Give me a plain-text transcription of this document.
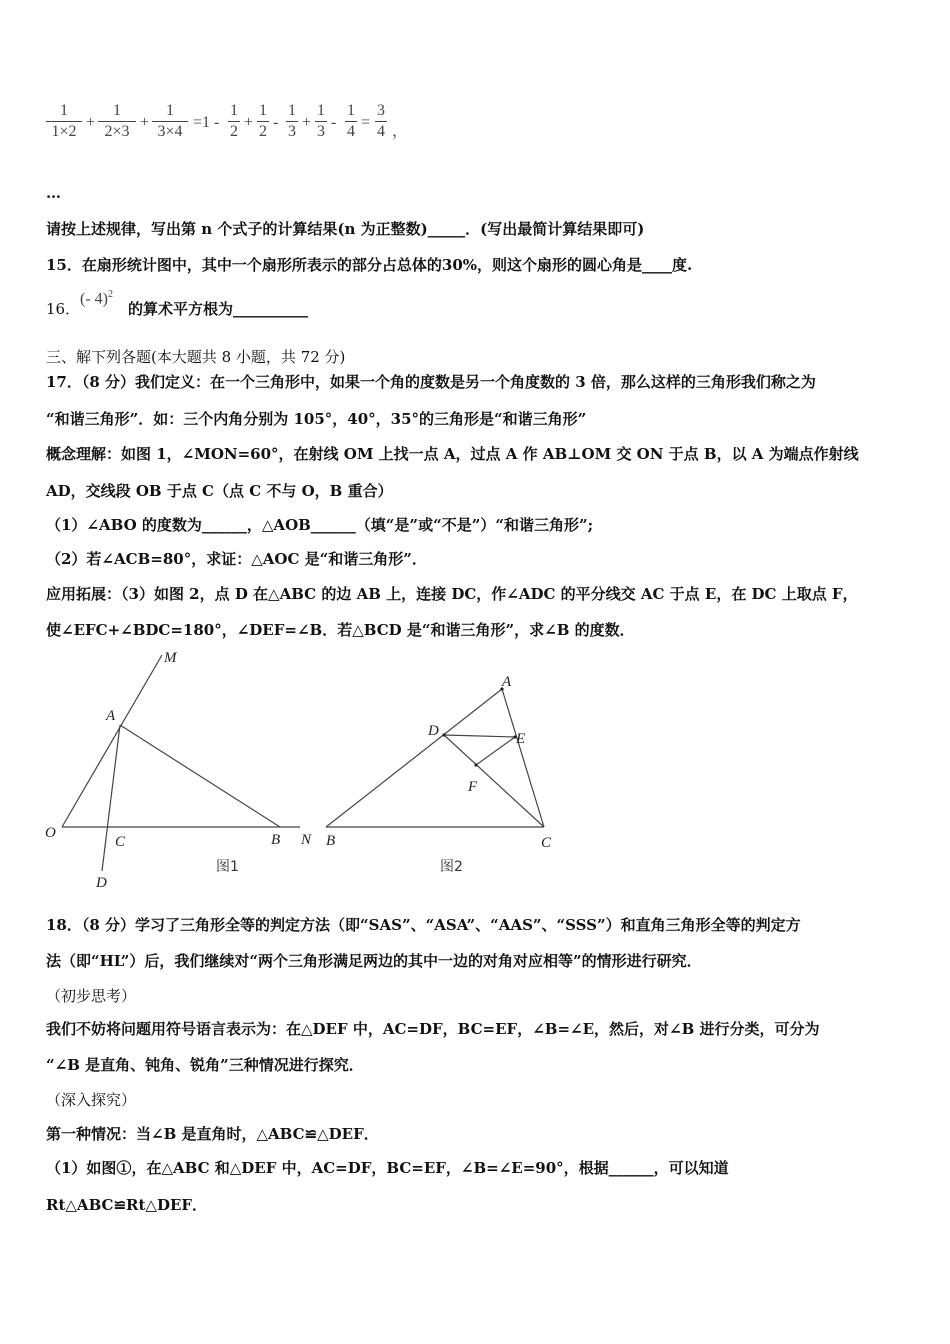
1
1×2
+
1
2×3
+
1
3×4
=1 -
1
2
+
1
2
-
1
3
+
1
3
-
1
4
=
3
4 ，
…
请按上述规律，写出第 n 个式子的计算结果(n 为正整数)_____．(写出最简计算结果即可)
15．在扇形统计图中，其中一个扇形所表示的部分占总体的30%，则这个扇形的圆心角是____度.
16．
(- 4)$^2$
的算术平方根为__________
三、解下列各题(本大题共 8 小题，共 72 分)
17．（8 分）我们定义：在一个三角形中，如果一个角的度数是另一个角度数的 3 倍，那么这样的三角形我们称之为
“和谐三角形”．如：三个内角分别为 105°，40°，35°的三角形是“和谐三角形”
概念理解：如图 1，∠MON=60°，在射线 OM 上找一点 A，过点 A 作 AB⊥OM 交 ON 于点 B，以 A 为端点作射线
AD，交线段 OB 于点 C（点 C 不与 O，B 重合）
（1）∠ABO 的度数为______，△AOB______（填“是”或“不是”）“和谐三角形”;
（2）若∠ACB=80°，求证：△AOC 是“和谐三角形”．
应用拓展：（3）如图 2，点 D 在△ABC 的边 AB 上，连接 DC，作∠ADC 的平分线交 AC 于点 E，在 DC 上取点 F，
使∠EFC+∠BDC=180°，∠DEF=∠B．若△BCD 是“和谐三角形”，求∠B 的度数．
M
A
O
C	B N
D
图1
A
D	E
F
B	C
图2
18．（8 分）学习了三角形全等的判定方法（即“SAS”、“ASA”、“AAS”、“SSS”）和直角三角形全等的判定方
法（即“HL”）后，我们继续对“两个三角形满足两边的其中一边的对角对应相等”的情形进行研究．
（初步思考）
我们不妨将问题用符号语言表示为：在△DEF 中，AC=DF，BC=EF，∠B=∠E，然后，对∠B 进行分类，可分为
“∠B 是直角、钝角、锐角”三种情况进行探究．
（深入探究）
第一种情况：当∠B 是直角时，△ABC≌△DEF．
（1）如图①，在△ABC 和△DEF 中，AC=DF，BC=EF，∠B=∠E=90°，根据______，可以知道
Rt△ABC≌Rt△DEF．
